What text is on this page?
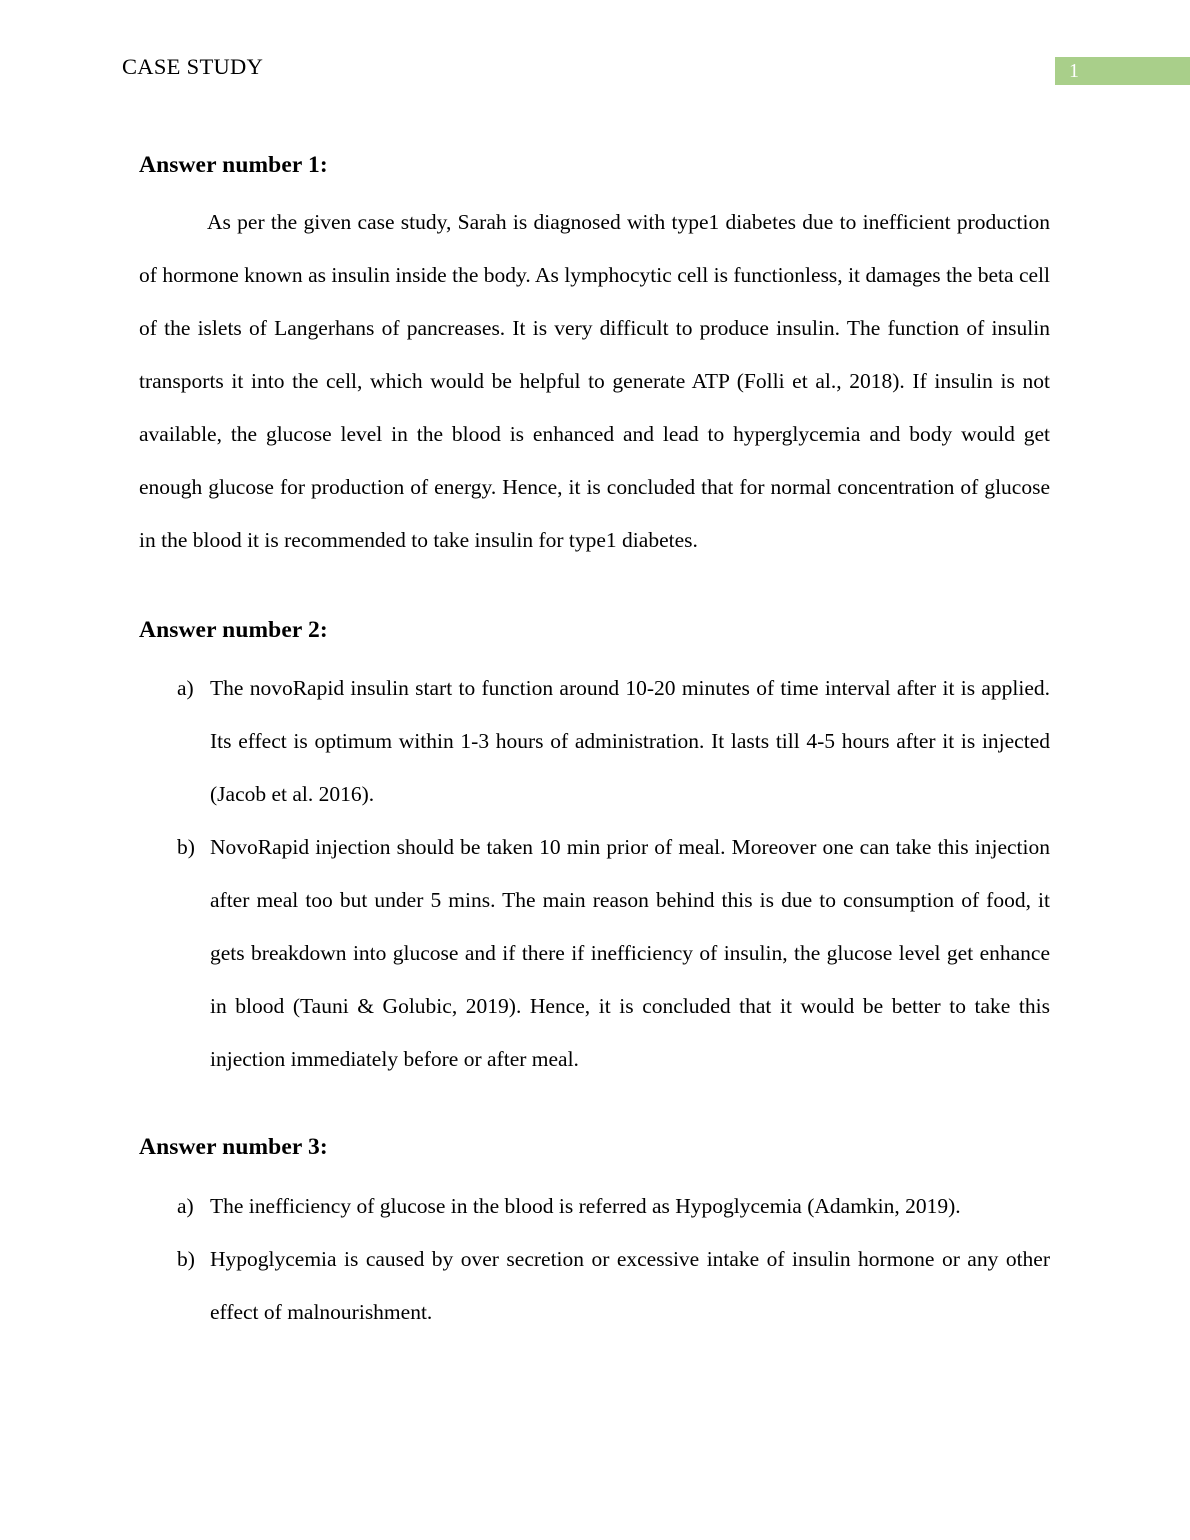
CASE STUDY	1
Answer number 1:

As per the given case study, Sarah is diagnosed with type1 diabetes due to inefficient production of hormone known as insulin inside the body. As lymphocytic cell is functionless, it damages the beta cell of the islets of Langerhans of pancreases. It is very difficult to produce insulin. The function of insulin transports it into the cell, which would be helpful to generate ATP (Folli et al., 2018). If insulin is not available, the glucose level in the blood is enhanced and lead to hyperglycemia and body would get enough glucose for production of energy. Hence, it is concluded that for normal concentration of glucose in the blood it is recommended to take insulin for type1 diabetes.

Answer number 2:
a) The novoRapid insulin start to function around 10-20 minutes of time interval after it is applied. Its effect is optimum within 1-3 hours of administration. It lasts till 4-5 hours after it is injected (Jacob et al. 2016).
b) NovoRapid injection should be taken 10 min prior of meal. Moreover one can take this injection after meal too but under 5 mins. The main reason behind this is due to consumption of food, it gets breakdown into glucose and if there if inefficiency of insulin, the glucose level get enhance in blood (Tauni & Golubic, 2019). Hence, it is concluded that it would be better to take this injection immediately before or after meal.
Answer number 3:
a) The inefficiency of glucose in the blood is referred as Hypoglycemia (Adamkin, 2019).
b) Hypoglycemia is caused by over secretion or excessive intake of insulin hormone or any other effect of malnourishment.
